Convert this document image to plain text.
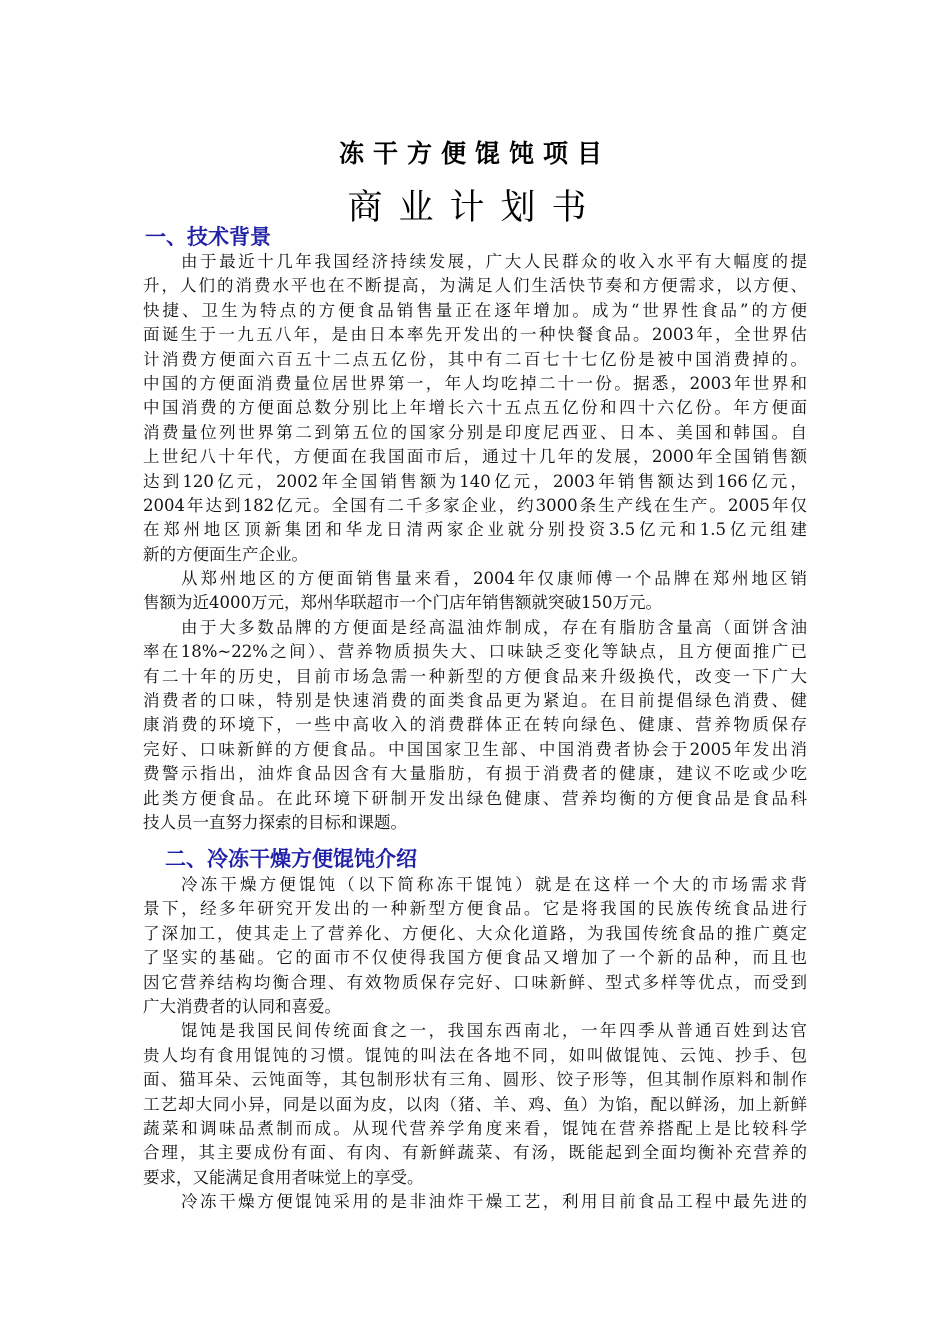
冻干方便馄饨项目
商业计划书
一、技术背景
由于最近十几年我国经济持续发展，广大人民群众的收入水平有大幅度的提
升，人们的消费水平也在不断提高，为满足人们生活快节奏和方便需求，以方便、
快捷、卫生为特点的方便食品销售量正在逐年增加。成为“世界性食品”的方便
面诞生于一九五八年，是由日本率先开发出的一种快餐食品。2003年，全世界估
计消费方便面六百五十二点五亿份，其中有二百七十七亿份是被中国消费掉的。
中国的方便面消费量位居世界第一，年人均吃掉二十一份。据悉，2003年世界和
中国消费的方便面总数分别比上年增长六十五点五亿份和四十六亿份。年方便面
消费量位列世界第二到第五位的国家分别是印度尼西亚、日本、美国和韩国。自
上世纪八十年代，方便面在我国面市后，通过十几年的发展，2000年全国销售额
达到120亿元，2002年全国销售额为140亿元，2003年销售额达到166亿元，
2004年达到182亿元。全国有二千多家企业，约3000条生产线在生产。2005年仅
在郑州地区顶新集团和华龙日清两家企业就分别投资3.5亿元和1.5亿元组建
新的方便面生产企业。
从郑州地区的方便面销售量来看，2004年仅康师傅一个品牌在郑州地区销
售额为近4000万元，郑州华联超市一个门店年销售额就突破150万元。
由于大多数品牌的方便面是经高温油炸制成，存在有脂肪含量高（面饼含油
率在18%~22%之间）、营养物质损失大、口味缺乏变化等缺点，且方便面推广已
有二十年的历史，目前市场急需一种新型的方便食品来升级换代，改变一下广大
消费者的口味，特别是快速消费的面类食品更为紧迫。在目前提倡绿色消费、健
康消费的环境下，一些中高收入的消费群体正在转向绿色、健康、营养物质保存
完好、口味新鲜的方便食品。中国国家卫生部、中国消费者协会于2005年发出消
费警示指出，油炸食品因含有大量脂肪，有损于消费者的健康，建议不吃或少吃
此类方便食品。在此环境下研制开发出绿色健康、营养均衡的方便食品是食品科
技人员一直努力探索的目标和课题。
二、冷冻干燥方便馄饨介绍
冷冻干燥方便馄饨（以下简称冻干馄饨）就是在这样一个大的市场需求背
景下，经多年研究开发出的一种新型方便食品。它是将我国的民族传统食品进行
了深加工，使其走上了营养化、方便化、大众化道路，为我国传统食品的推广奠定
了坚实的基础。它的面市不仅使得我国方便食品又增加了一个新的品种，而且也
因它营养结构均衡合理、有效物质保存完好、口味新鲜、型式多样等优点，而受到
广大消费者的认同和喜爱。
馄饨是我国民间传统面食之一，我国东西南北，一年四季从普通百姓到达官
贵人均有食用馄饨的习惯。馄饨的叫法在各地不同，如叫做馄饨、云饨、抄手、包
面、猫耳朵、云饨面等，其包制形状有三角、圆形、饺子形等，但其制作原料和制作
工艺却大同小异，同是以面为皮，以肉（猪、羊、鸡、鱼）为馅，配以鲜汤，加上新鲜
蔬菜和调味品煮制而成。从现代营养学角度来看，馄饨在营养搭配上是比较科学
合理，其主要成份有面、有肉、有新鲜蔬菜、有汤，既能起到全面均衡补充营养的
要求，又能满足食用者味觉上的享受。
冷冻干燥方便馄饨采用的是非油炸干燥工艺，利用目前食品工程中最先进的
